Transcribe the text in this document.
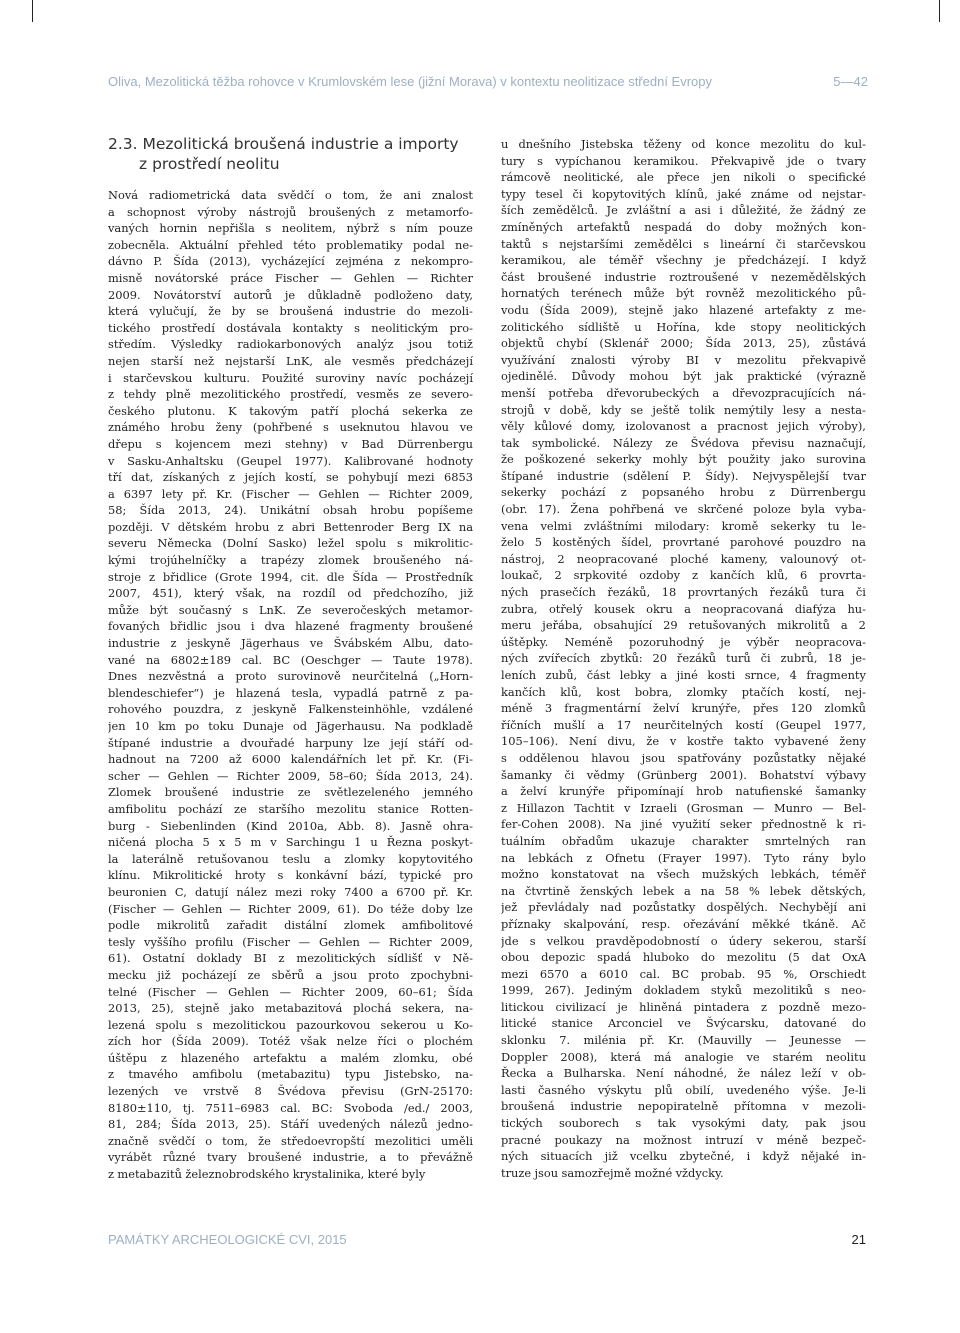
Oliva, Mezolitická těžba rohovce v Krumlovském lese (jižní Morava) v kontextu neolitizace střední Evropy	5—42
2.3. Mezolitická broušená industrie a importy
z prostředí neolitu
Nová radiometrická data svědčí o tom, že ani znalost
a schopnost výroby nástrojů broušených z metamorfo-
vaných hornin nepřišla s neolitem, nýbrž s ním pouze
zobecněla. Aktuální přehled této problematiky podal ne-
dávno P. Šída (2013), vycházející zejména z nekompro-
misně novátorské práce Fischer — Gehlen — Richter
2009. Novátorství autorů je důkladně podloženo daty,
která vylučují, že by se broušená industrie do mezoli-
tického prostředí dostávala kontakty s neolitickým pro-
středím. Výsledky radiokarbonových analýz jsou totiž
nejen starší než nejstarší LnK, ale vesměs předcházejí
i starčevskou kulturu. Použité suroviny navíc pocházejí
z tehdy plně mezolitického prostředí, vesměs ze severo-
českého plutonu. K takovým patří plochá sekerka ze
známého hrobu ženy (pohřbené s useknutou hlavou ve
dřepu s kojencem mezi stehny) v Bad Dürrenbergu
v Sasku-Anhaltsku (Geupel 1977). Kalibrované hodnoty
tří dat, získaných z jejích kostí, se pohybují mezi 6853
a 6397 lety př. Kr. (Fischer — Gehlen — Richter 2009,
58; Šída 2013, 24). Unikátní obsah hrobu popíšeme
později. V dětském hrobu z abri Bettenroder Berg IX na
severu Německa (Dolní Sasko) ležel spolu s mikrolitic-
kými trojúhelníčky a trapézy zlomek broušeného ná-
stroje z břidlice (Grote 1994, cit. dle Šída — Prostředník
2007, 451), který však, na rozdíl od předchozího, již
může být současný s LnK. Ze severočeských metamor-
fovaných břidlic jsou i dva hlazené fragmenty broušené
industrie z jeskyně Jägerhaus ve Švábském Albu, dato-
vané na 6802±189 cal. BC (Oeschger — Taute 1978).
Dnes nezvěstná a proto surovinově neurčitelná („Horn-
blendeschiefer“) je hlazená tesla, vypadlá patrně z pa-
rohového pouzdra, z jeskyně Falkensteinhöhle, vzdálené
jen 10 km po toku Dunaje od Jägerhausu. Na podkladě
štípané industrie a dvouřadé harpuny lze její stáří od-
hadnout na 7200 až 6000 kalendářních let př. Kr. (Fi-
scher — Gehlen — Richter 2009, 58–60; Šída 2013, 24).
Zlomek broušené industrie ze světlezeleného jemného
amfibolitu pochází ze staršího mezolitu stanice Rotten-
burg - Siebenlinden (Kind 2010a, Abb. 8). Jasně ohra-
ničená plocha 5 x 5 m v Sarchingu 1 u Řezna poskyt-
la laterálně retušovanou teslu a zlomky kopytovitého
klínu. Mikrolitické hroty s konkávní bází, typické pro
beuronien C, datují nález mezi roky 7400 a 6700 př. Kr.
(Fischer — Gehlen — Richter 2009, 61). Do téže doby lze
podle mikrolitů zařadit distální zlomek amfibolitové
tesly vyššího profilu (Fischer — Gehlen — Richter 2009,
61). Ostatní doklady BI z mezolitických sídlišť v Ně-
mecku již pocházejí ze sběrů a jsou proto zpochybni-
telné (Fischer — Gehlen — Richter 2009, 60–61; Šída
2013, 25), stejně jako metabazitová plochá sekera, na-
lezená spolu s mezolitickou pazourkovou sekerou u Ko-
zích hor (Šída 2009). Totéž však nelze říci o plochém
úštěpu z hlazeného artefaktu a malém zlomku, obé
z tmavého amfibolu (metabazitu) typu Jistebsko, na-
lezených ve vrstvě 8 Švédova převisu (GrN-25170:
8180±110, tj. 7511–6983 cal. BC: Svoboda /ed./ 2003,
81, 284; Šída 2013, 25). Stáří uvedených nálezů jedno-
značně svědčí o tom, že středoevropští mezolitici uměli
vyrábět různé tvary broušené industrie, a to převážně
z metabazitů železnobrodského krystalinika, které byly
u dnešního Jistebska těženy od konce mezolitu do kul-
tury s vypíchanou keramikou. Překvapivě jde o tvary
rámcově neolitické, ale přece jen nikoli o specifické
typy tesel či kopytovitých klínů, jaké známe od nejstar-
ších zemědělců. Je zvláštní a asi i důležité, že žádný ze
zmíněných artefaktů nespadá do doby možných kon-
taktů s nejstaršími zemědělci s lineární či starčevskou
keramikou, ale téměř všechny je předcházejí. I když
část broušené industrie roztroušené v nezemědělských
hornatých terénech může být rovněž mezolitického pů-
vodu (Šída 2009), stejně jako hlazené artefakty z me-
zolitického sídliště u Hořína, kde stopy neolitických
objektů chybí (Sklenář 2000; Šída 2013, 25), zůstává
využívání znalosti výroby BI v mezolitu překvapivě
ojedinělé. Důvody mohou být jak praktické (výrazně
menší potřeba dřevorubeckých a dřevozpracujících ná-
strojů v době, kdy se ještě tolik nemýtily lesy a nesta-
věly kůlové domy, izolovanost a pracnost jejich výroby),
tak symbolické. Nálezy ze Švédova převisu naznačují,
že poškozené sekerky mohly být použity jako surovina
štípané industrie (sdělení P. Šídy). Nejvyspělejší tvar
sekerky pochází z popsaného hrobu z Dürrenbergu
(obr. 17). Žena pohřbená ve skrčené poloze byla vyba-
vena velmi zvláštními milodary: kromě sekerky tu le-
želo 5 kostěných šídel, provrtané parohové pouzdro na
nástroj, 2 neopracované ploché kameny, valounový ot-
loukač, 2 srpkovité ozdoby z kančích klů, 6 provrta-
ných prasečích řezáků, 18 provrtaných řezáků tura či
zubra, otřelý kousek okru a neopracovaná diafýza hu-
meru jeřába, obsahující 29 retušovaných mikrolitů a 2
úštěpky. Neméně pozoruhodný je výběr neopracova-
ných zvířecích zbytků: 20 řezáků turů či zubrů, 18 je-
leních zubů, část lebky a jiné kosti srnce, 4 fragmenty
kančích klů, kost bobra, zlomky ptačích kostí, nej-
méně 3 fragmentární želví krunýře, přes 120 zlomků
říčních mušlí a 17 neurčitelných kostí (Geupel 1977,
105–106). Není divu, že v kostře takto vybavené ženy
s oddělenou hlavou jsou spatřovány pozůstatky nějaké
šamanky či vědmy (Grünberg 2001). Bohatství výbavy
a želví krunýře připomínají hrob natufienské šamanky
z Hillazon Tachtit v Izraeli (Grosman — Munro — Bel-
fer-Cohen 2008). Na jiné využití seker přednostně k ri-
tuálním obřadům ukazuje charakter smrtelných ran
na lebkách z Ofnetu (Frayer 1997). Tyto rány bylo
možno konstatovat na všech mužských lebkách, téměř
na čtvrtině ženských lebek a na 58 % lebek dětských,
jež převládaly nad pozůstatky dospělých. Nechybějí ani
příznaky skalpování, resp. ořezávání měkké tkáně. Ač
jde s velkou pravděpodobností o údery sekerou, starší
obou depozic spadá hluboko do mezolitu (5 dat OxA
mezi 6570 a 6010 cal. BC probab. 95 %, Orschiedt
1999, 267). Jediným dokladem styků mezolitiků s neo-
litickou civilizací je hliněná pintadera z pozdně mezo-
litické stanice Arconciel ve Švýcarsku, datované do
sklonku 7. milénia př. Kr. (Mauvilly — Jeunesse —
Doppler 2008), která má analogie ve starém neolitu
Řecka a Bulharska. Není náhodné, že nález leží v ob-
lasti časného výskytu plů obilí, uvedeného výše. Je-li
broušená industrie nepopiratelně přítomna v mezoli-
tických souborech s tak vysokými daty, pak jsou
pracné poukazy na možnost intruzí v méně bezpeč-
ných situacích již vcelku zbytečné, i když nějaké in-
truze jsou samozřejmě možné vždycky.
PAMÁTKY ARCHEOLOGICKÉ CVI, 2015	21
